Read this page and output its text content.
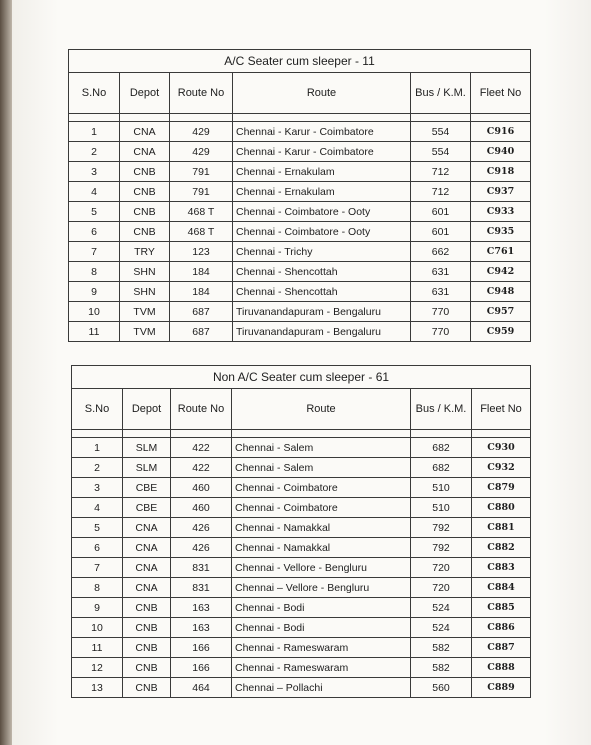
A/C Seater cum sleeper - 11					
S.No	Depot	Route No	Route	Bus / K.M.	Fleet No

1	CNA	429	Chennai - Karur - Coimbatore	554	C916
2	CNA	429	Chennai - Karur - Coimbatore	554	C940
3	CNB	791	Chennai - Ernakulam	712	C918
4	CNB	791	Chennai - Ernakulam	712	C937
5	CNB	468 T	Chennai - Coimbatore - Ooty	601	C933
6	CNB	468 T	Chennai - Coimbatore - Ooty	601	C935
7	TRY	123	Chennai - Trichy	662	C761
8	SHN	184	Chennai - Shencottah	631	C942
9	SHN	184	Chennai - Shencottah	631	C948
10	TVM	687	Tiruvanandapuram - Bengaluru	770	C957
11	TVM	687	Tiruvanandapuram - Bengaluru	770	C959
Non A/C Seater cum sleeper - 61					
S.No	Depot	Route No	Route	Bus / K.M.	Fleet No

1	SLM	422	Chennai - Salem	682	C930
2	SLM	422	Chennai - Salem	682	C932
3	CBE	460	Chennai - Coimbatore	510	C879
4	CBE	460	Chennai - Coimbatore	510	C880
5	CNA	426	Chennai - Namakkal	792	C881
6	CNA	426	Chennai - Namakkal	792	C882
7	CNA	831	Chennai - Vellore - Bengluru	720	C883
8	CNA	831	Chennai – Vellore - Bengluru	720	C884
9	CNB	163	Chennai - Bodi	524	C885
10	CNB	163	Chennai - Bodi	524	C886
11	CNB	166	Chennai - Rameswaram	582	C887
12	CNB	166	Chennai - Rameswaram	582	C888
13	CNB	464	Chennai – Pollachi	560	C889
